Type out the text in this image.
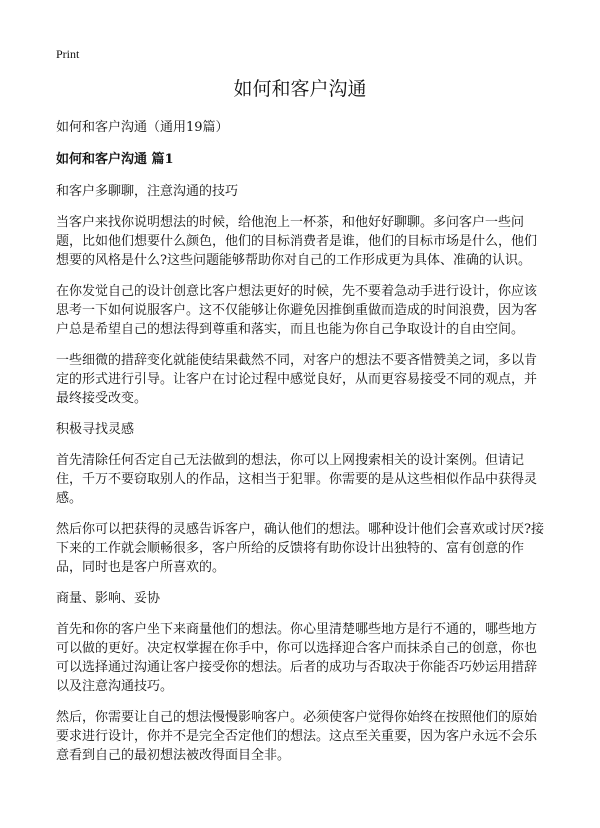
Print
如何和客户沟通
如何和客户沟通（通用19篇）
如何和客户沟通 篇1
和客户多聊聊，注意沟通的技巧

当客户来找你说明想法的时候，给他泡上一杯茶，和他好好聊聊。多问客户一些问题，比如他们想要什么颜色，他们的目标消费者是谁，他们的目标市场是什么，他们想要的风格是什么?这些问题能够帮助你对自己的工作形成更为具体、准确的认识。

在你发觉自己的设计创意比客户想法更好的时候，先不要着急动手进行设计，你应该思考一下如何说服客户。这不仅能够让你避免因推倒重做而造成的时间浪费，因为客户总是希望自己的想法得到尊重和落实，而且也能为你自己争取设计的自由空间。

一些细微的措辞变化就能使结果截然不同，对客户的想法不要吝惜赞美之词，多以肯定的形式进行引导。让客户在讨论过程中感觉良好，从而更容易接受不同的观点，并最终接受改变。

积极寻找灵感

首先清除任何否定自己无法做到的想法，你可以上网搜索相关的设计案例。但请记住，千万不要窃取别人的作品，这相当于犯罪。你需要的是从这些相似作品中获得灵感。

然后你可以把获得的灵感告诉客户，确认他们的想法。哪种设计他们会喜欢或讨厌?接下来的工作就会顺畅很多，客户所给的反馈将有助你设计出独特的、富有创意的作品，同时也是客户所喜欢的。

商量、影响、妥协

首先和你的客户坐下来商量他们的想法。你心里清楚哪些地方是行不通的，哪些地方可以做的更好。决定权掌握在你手中，你可以选择迎合客户而抹杀自己的创意，你也可以选择通过沟通让客户接受你的想法。后者的成功与否取决于你能否巧妙运用措辞以及注意沟通技巧。

然后，你需要让自己的想法慢慢影响客户。必须使客户觉得你始终在按照他们的原始要求进行设计，你并不是完全否定他们的想法。这点至关重要，因为客户永远不会乐意看到自己的最初想法被改得面目全非。
